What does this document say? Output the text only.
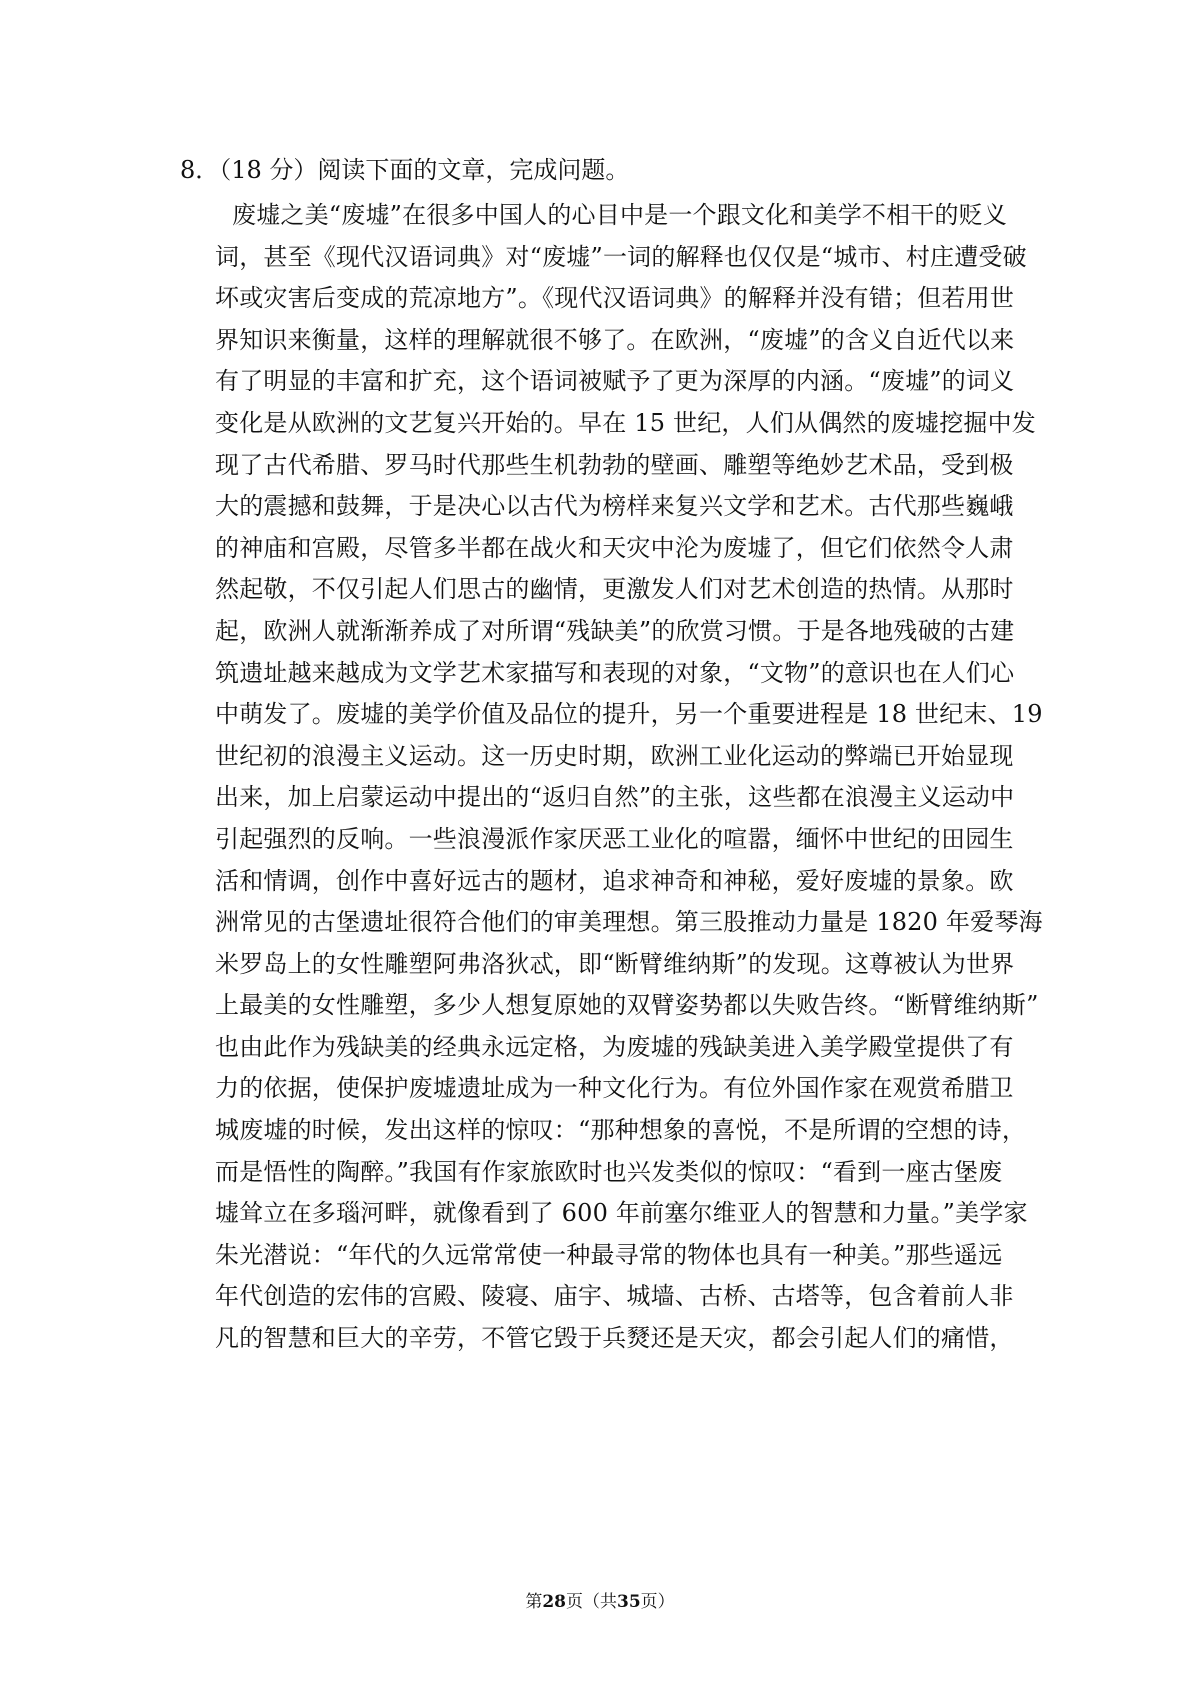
8．（18 分）阅读下面的文章，完成问题。
废墟之美“废墟”在很多中国人的心目中是一个跟文化和美学不相干的贬义
词，甚至《现代汉语词典》对“废墟”一词的解释也仅仅是“城市、村庄遭受破
坏或灾害后变成的荒凉地方”。《现代汉语词典》的解释并没有错；但若用世
界知识来衡量，这样的理解就很不够了。在欧洲，“废墟”的含义自近代以来
有了明显的丰富和扩充，这个语词被赋予了更为深厚的内涵。“废墟”的词义
变化是从欧洲的文艺复兴开始的。早在 15 世纪，人们从偶然的废墟挖掘中发
现了古代希腊、罗马时代那些生机勃勃的壁画、雕塑等绝妙艺术品，受到极
大的震撼和鼓舞，于是决心以古代为榜样来复兴文学和艺术。古代那些巍峨
的神庙和宫殿，尽管多半都在战火和天灾中沦为废墟了，但它们依然令人肃
然起敬，不仅引起人们思古的幽情，更激发人们对艺术创造的热情。从那时
起，欧洲人就渐渐养成了对所谓“残缺美”的欣赏习惯。于是各地残破的古建
筑遗址越来越成为文学艺术家描写和表现的对象，“文物”的意识也在人们心
中萌发了。废墟的美学价值及品位的提升，另一个重要进程是 18 世纪末、19
世纪初的浪漫主义运动。这一历史时期，欧洲工业化运动的弊端已开始显现
出来，加上启蒙运动中提出的“返归自然”的主张，这些都在浪漫主义运动中
引起强烈的反响。一些浪漫派作家厌恶工业化的喧嚣，缅怀中世纪的田园生
活和情调，创作中喜好远古的题材，追求神奇和神秘，爱好废墟的景象。欧
洲常见的古堡遗址很符合他们的审美理想。第三股推动力量是 1820 年爱琴海
米罗岛上的女性雕塑阿弗洛狄忒，即“断臂维纳斯”的发现。这尊被认为世界
上最美的女性雕塑，多少人想复原她的双臂姿势都以失败告终。“断臂维纳斯”
也由此作为残缺美的经典永远定格，为废墟的残缺美进入美学殿堂提供了有
力的依据，使保护废墟遗址成为一种文化行为。有位外国作家在观赏希腊卫
城废墟的时候，发出这样的惊叹：“那种想象的喜悦，不是所谓的空想的诗，
而是悟性的陶醉。”我国有作家旅欧时也兴发类似的惊叹：“看到一座古堡废
墟耸立在多瑙河畔，就像看到了 600 年前塞尔维亚人的智慧和力量。”美学家
朱光潜说：“年代的久远常常使一种最寻常的物体也具有一种美。”那些遥远
年代创造的宏伟的宫殿、陵寝、庙宇、城墙、古桥、古塔等，包含着前人非
凡的智慧和巨大的辛劳，不管它毁于兵燹还是天灾，都会引起人们的痛惜，
第28页（共35页）
